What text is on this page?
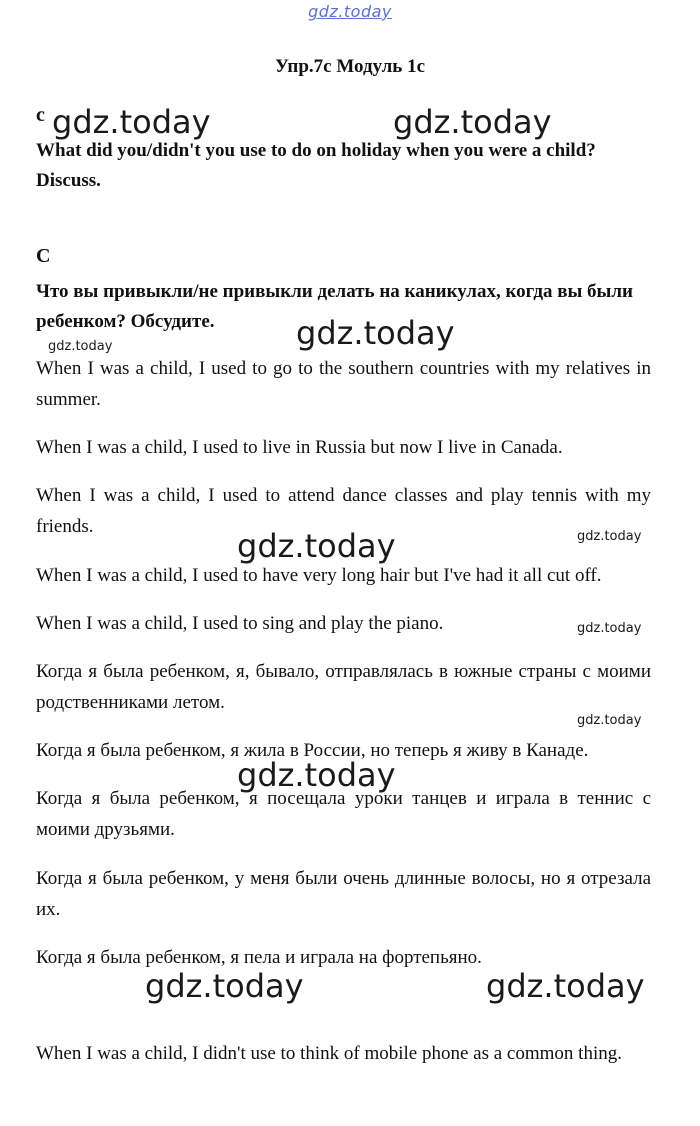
gdz.today
Упр.7с Модуль 1с
c
What did you/didn't you use to do on holiday when you were a child? Discuss.
С
Что вы привыкли/не привыкли делать на каникулах, когда вы были ребенком? Обсудите.
When I was a child, I used to go to the southern countries with my relatives in summer.
When I was a child, I used to live in Russia but now I live in Canada.
When I was a child, I used to attend dance classes and play tennis with my friends.
When I was a child, I used to have very long hair but I've had it all cut off.
When I was a child, I used to sing and play the piano.
Когда я была ребенком, я, бывало, отправлялась в южные страны с моими родственниками летом.
Когда я была ребенком, я жила в России, но теперь я живу в Канаде.
Когда я была ребенком, я посещала уроки танцев и играла в теннис с моими друзьями.
Когда я была ребенком, у меня были очень длинные волосы, но я отрезала их.
Когда я была ребенком, я пела и играла на фортепьяно.
When I was a child, I didn't use to think of mobile phone as a common thing.
gdz.today	gdz.today
gdz.today
gdz.today
gdz.today
gdz.today
gdz.today
gdz.today
gdz.today
gdz.today	gdz.today
